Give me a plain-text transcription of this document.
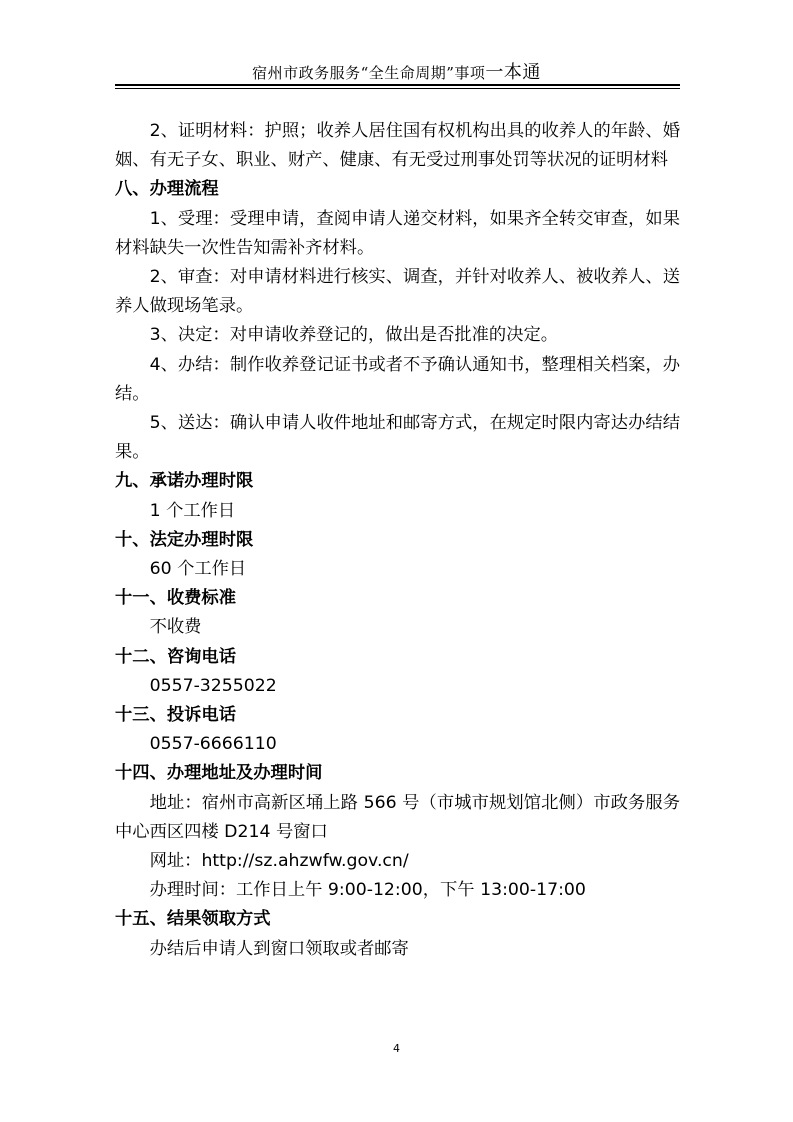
宿州市政务服务“全生命周期”事项一本通

2、证明材料：护照；收养人居住国有权机构出具的收养人的年龄、婚姻、有无子女、职业、财产、健康、有无受过刑事处罚等状况的证明材料

八、办理流程

1、受理：受理申请，查阅申请人递交材料，如果齐全转交审查，如果材料缺失一次性告知需补齐材料。

2、审查：对申请材料进行核实、调查，并针对收养人、被收养人、送养人做现场笔录。

3、决定：对申请收养登记的，做出是否批准的决定。

4、办结：制作收养登记证书或者不予确认通知书，整理相关档案，办结。

5、送达：确认申请人收件地址和邮寄方式，在规定时限内寄达办结结果。

九、承诺办理时限

1 个工作日

十、法定办理时限

60 个工作日

十一、收费标准

不收费

十二、咨询电话

0557-3255022

十三、投诉电话

0557-6666110

十四、办理地址及办理时间

地址：宿州市高新区埇上路 566 号（市城市规划馆北侧）市政务服务中心西区四楼 D214 号窗口

网址：http://sz.ahzwfw.gov.cn/

办理时间：工作日上午 9:00-12:00，下午 13:00-17:00

十五、结果领取方式

办结后申请人到窗口领取或者邮寄

4
